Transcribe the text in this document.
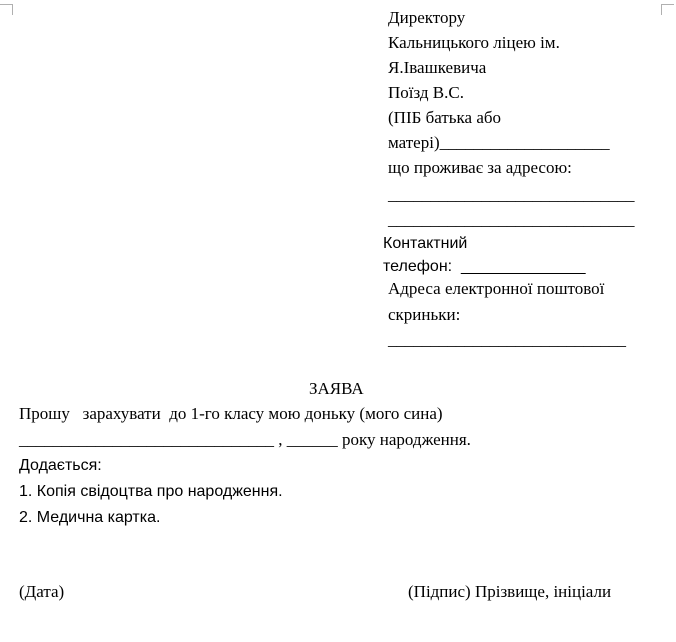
Директору
Кальницького ліцею ім.
Я.Івашкевича
Поїзд В.С.
(ПІБ батька або
матері)____________________
що проживає за адресою:
_____________________________
_____________________________
Контактний
телефон:  ______________
Адреса електронної поштової
скриньки:
____________________________
ЗАЯВА
Прошу   зарахувати  до 1-го класу мою доньку (мого сина)
______________________________ , ______ року народження.
Додається:
1. Копія свідоцтва про народження.
2. Медична картка.
(Дата)	(Підпис) Прізвище, ініціали
